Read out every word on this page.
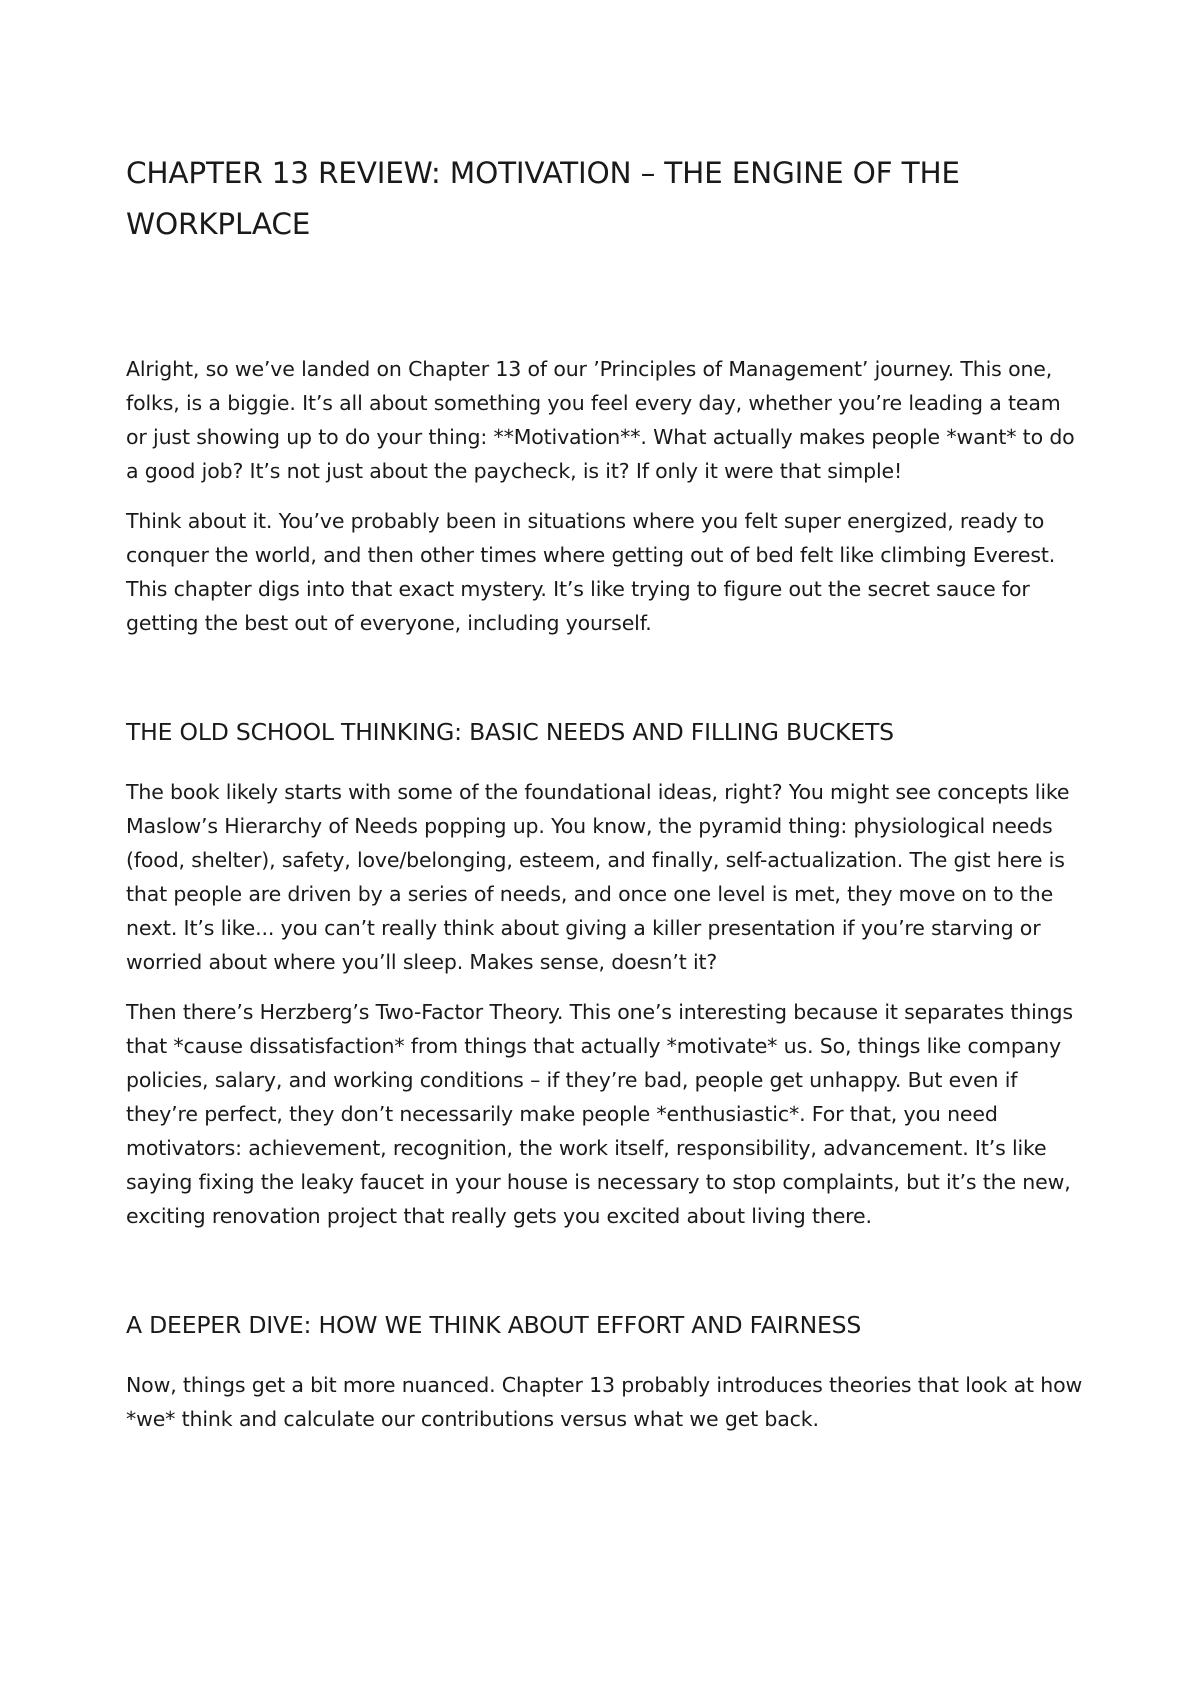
CHAPTER 13 REVIEW: MOTIVATION – THE ENGINE OF THE WORKPLACE

Alright, so we’ve landed on Chapter 13 of our ’Principles of Management’ journey. This one, folks, is a biggie. It’s all about something you feel every day, whether you’re leading a team or just showing up to do your thing: **Motivation**. What actually makes people *want* to do a good job? It’s not just about the paycheck, is it? If only it were that simple!

Think about it. You’ve probably been in situations where you felt super energized, ready to conquer the world, and then other times where getting out of bed felt like climbing Everest. This chapter digs into that exact mystery. It’s like trying to figure out the secret sauce for getting the best out of everyone, including yourself.

THE OLD SCHOOL THINKING: BASIC NEEDS AND FILLING BUCKETS

The book likely starts with some of the foundational ideas, right? You might see concepts like Maslow’s Hierarchy of Needs popping up. You know, the pyramid thing: physiological needs (food, shelter), safety, love/belonging, esteem, and finally, self-actualization. The gist here is that people are driven by a series of needs, and once one level is met, they move on to the next. It’s like... you can’t really think about giving a killer presentation if you’re starving or worried about where you’ll sleep. Makes sense, doesn’t it?

Then there’s Herzberg’s Two-Factor Theory. This one’s interesting because it separates things that *cause dissatisfaction* from things that actually *motivate* us. So, things like company policies, salary, and working conditions – if they’re bad, people get unhappy. But even if they’re perfect, they don’t necessarily make people *enthusiastic*. For that, you need motivators: achievement, recognition, the work itself, responsibility, advancement. It’s like saying fixing the leaky faucet in your house is necessary to stop complaints, but it’s the new, exciting renovation project that really gets you excited about living there.

A DEEPER DIVE: HOW WE THINK ABOUT EFFORT AND FAIRNESS

Now, things get a bit more nuanced. Chapter 13 probably introduces theories that look at how *we* think and calculate our contributions versus what we get back.
